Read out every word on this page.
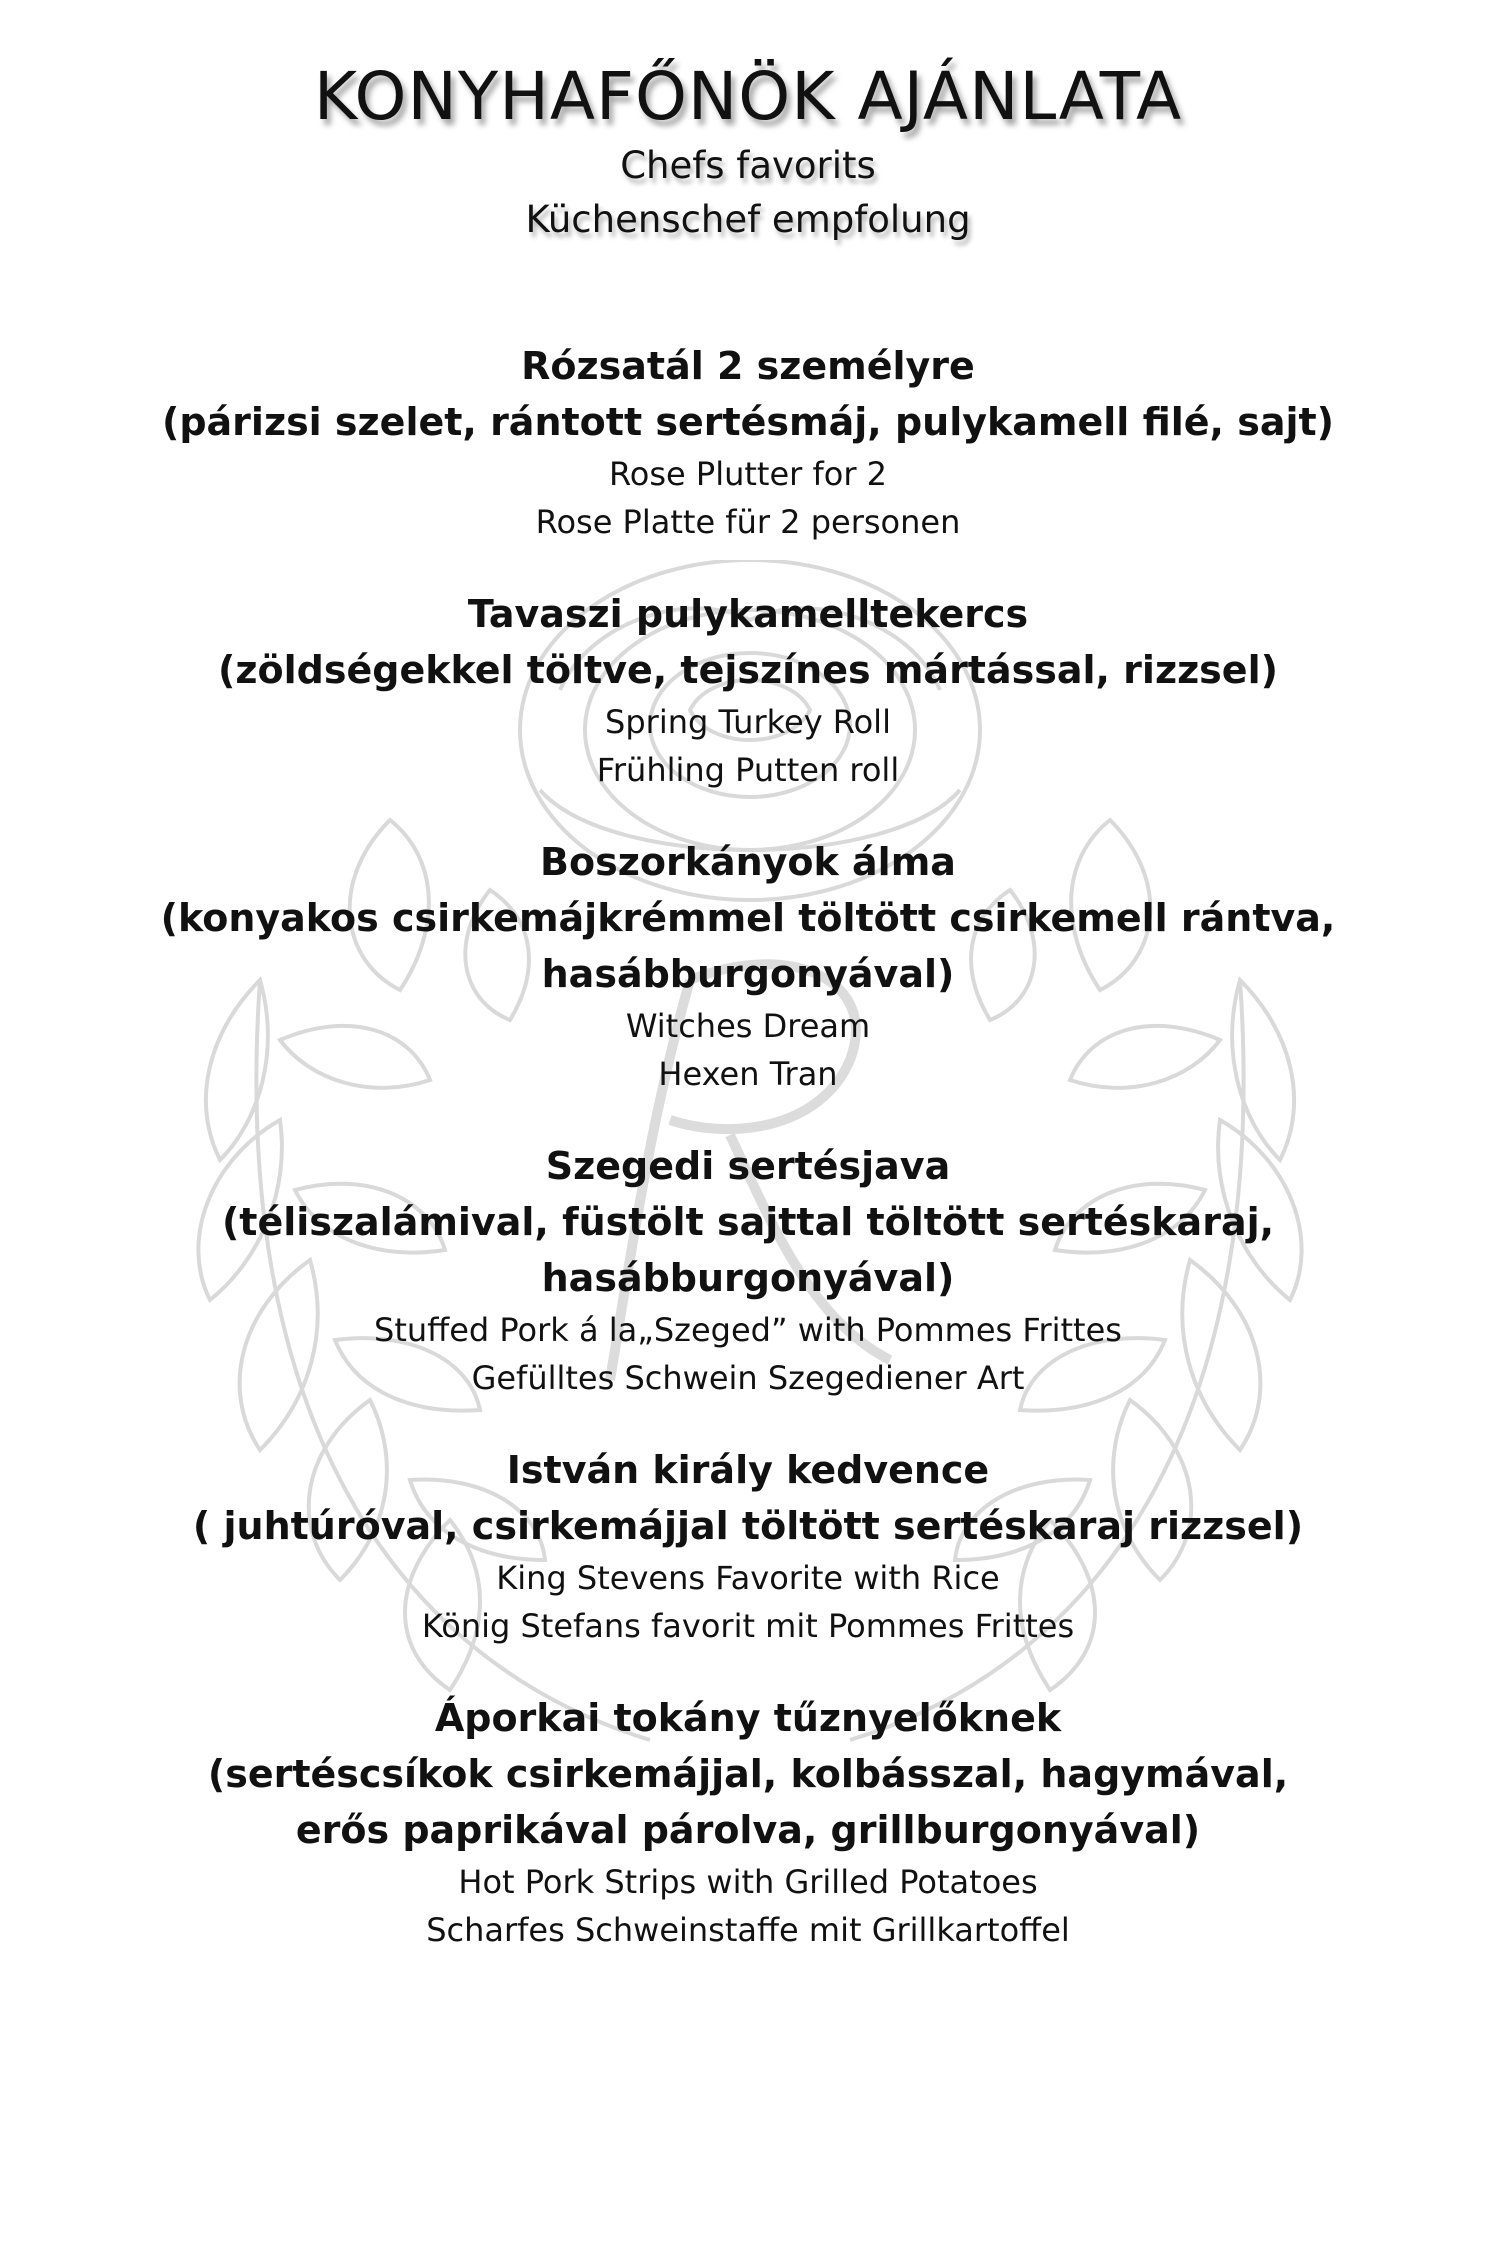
KONYHAFŐNÖK AJÁNLATA
Chefs favorits
Küchenschef empfolung
Rózsatál 2 személyre
(párizsi szelet, rántott sertésmáj, pulykamell filé, sajt)
Rose Plutter for 2
Rose Platte für 2 personen
Tavaszi pulykamelltekercs
(zöldségekkel töltve, tejszínes mártással, rizzsel)
Spring Turkey Roll
Frühling Putten roll
Boszorkányok álma
(konyakos csirkemájkrémmel töltött csirkemell rántva,
hasábburgonyával)
Witches Dream
Hexen Tran
Szegedi sertésjava
(téliszalámival, füstölt sajttal töltött sertéskaraj,
hasábburgonyával)
Stuffed Pork á la„Szeged” with Pommes Frittes
Gefülltes Schwein Szegediener Art
István király kedvence
( juhtúróval, csirkemájjal töltött sertéskaraj rizzsel)
King Stevens Favorite with Rice
König Stefans favorit mit Pommes Frittes
Áporkai tokány tűznyelőknek
(sertéscsíkok csirkemájjal, kolbásszal, hagymával,
erős paprikával párolva, grillburgonyával)
Hot Pork Strips with Grilled Potatoes
Scharfes Schweinstaffe mit Grillkartoffel
